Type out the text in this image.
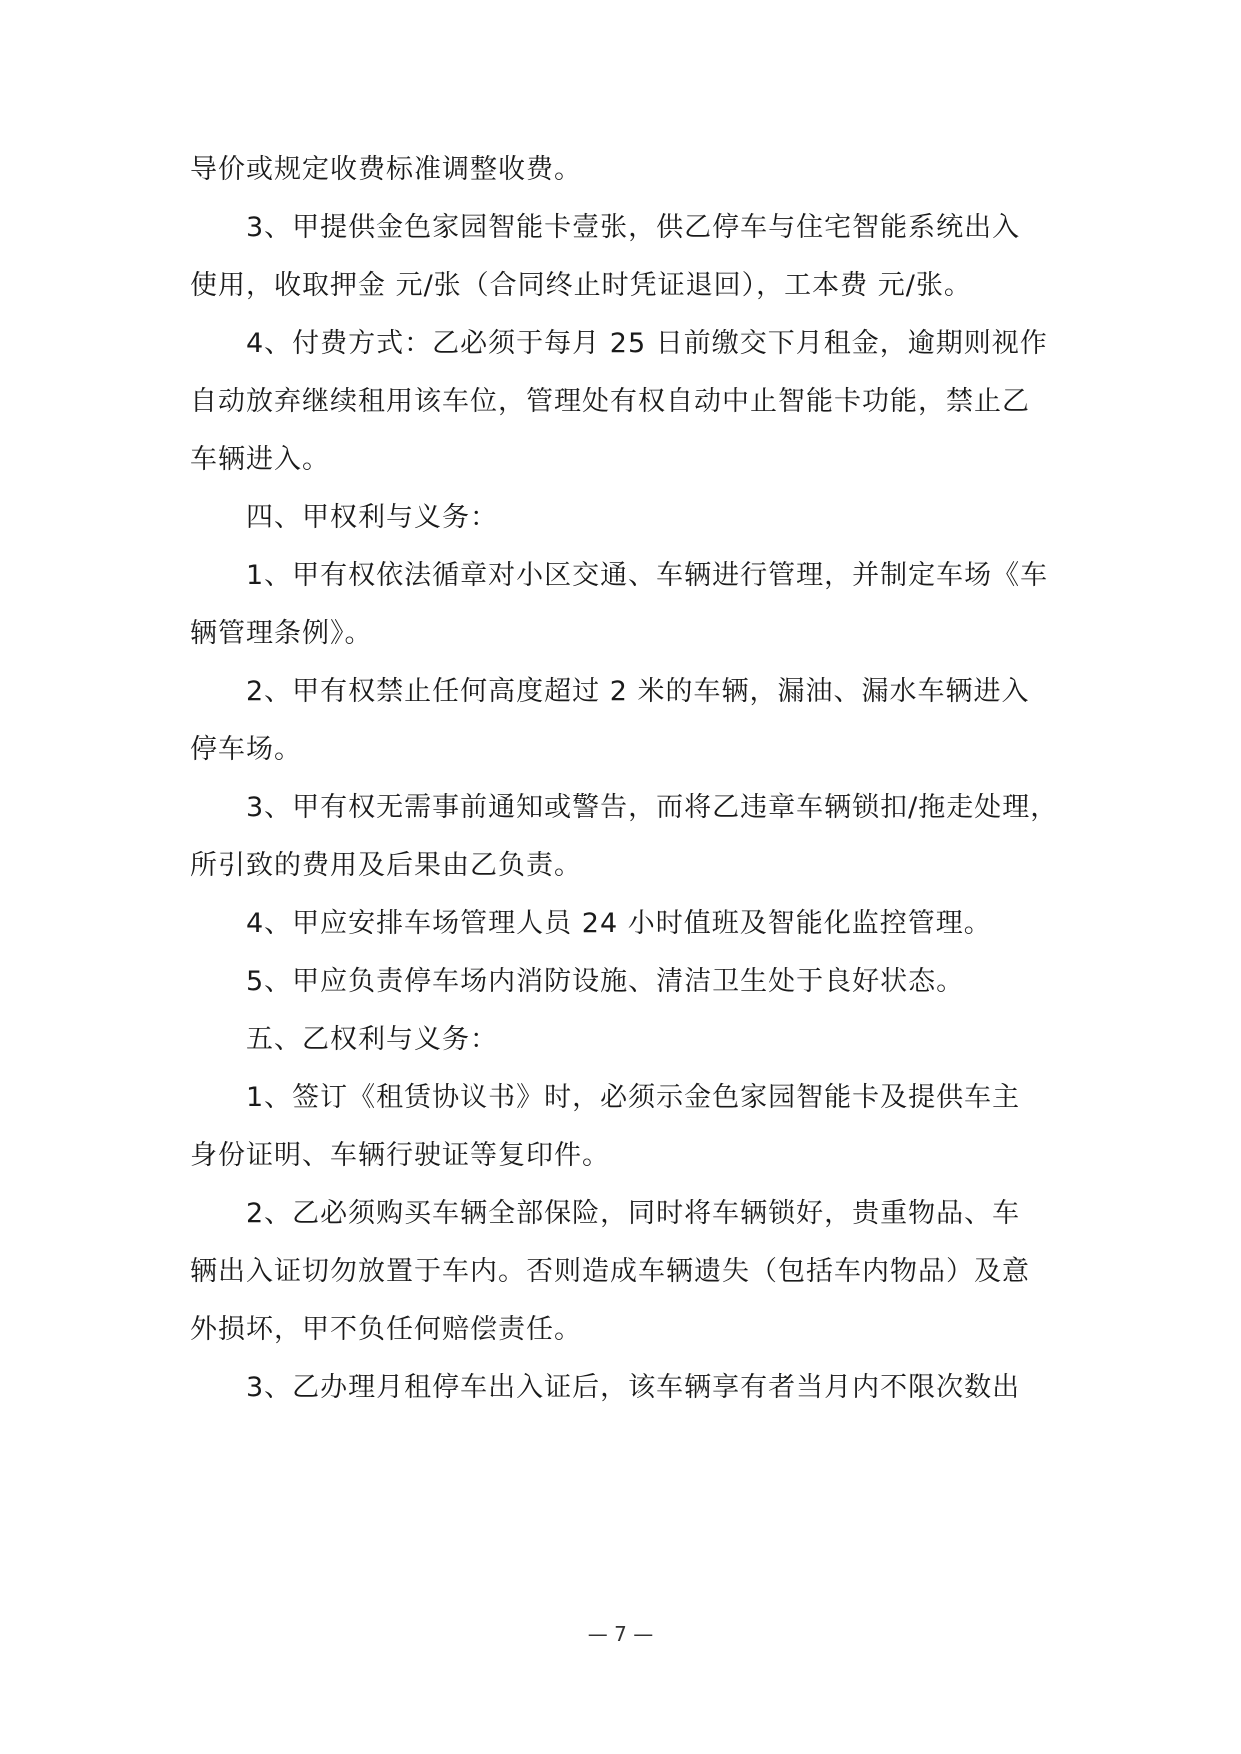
导价或规定收费标准调整收费。
3、甲提供金色家园智能卡壹张，供乙停车与住宅智能系统出入
使用，收取押金 元/张（合同终止时凭证退回），工本费 元/张。
4、付费方式：乙必须于每月 25 日前缴交下月租金，逾期则视作
自动放弃继续租用该车位，管理处有权自动中止智能卡功能，禁止乙
车辆进入。
四、甲权利与义务：
1、甲有权依法循章对小区交通、车辆进行管理，并制定车场《车
辆管理条例》。
2、甲有权禁止任何高度超过 2 米的车辆，漏油、漏水车辆进入
停车场。
3、甲有权无需事前通知或警告，而将乙违章车辆锁扣/拖走处理，
所引致的费用及后果由乙负责。
4、甲应安排车场管理人员 24 小时值班及智能化监控管理。
5、甲应负责停车场内消防设施、清洁卫生处于良好状态。
五、乙权利与义务：
1、签订《租赁协议书》时，必须示金色家园智能卡及提供车主
身份证明、车辆行驶证等复印件。
2、乙必须购买车辆全部保险，同时将车辆锁好，贵重物品、车
辆出入证切勿放置于车内。否则造成车辆遗失（包括车内物品）及意
外损坏，甲不负任何赔偿责任。
3、乙办理月租停车出入证后，该车辆享有者当月内不限次数出
— 7 —
